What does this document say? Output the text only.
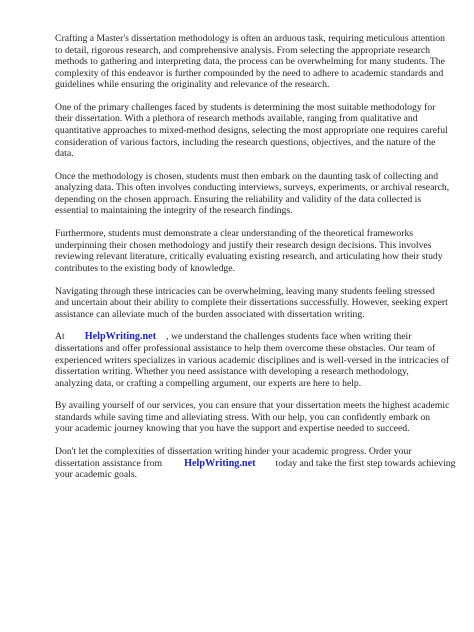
Crafting a Master's dissertation methodology is often an arduous task, requiring meticulous attention
to detail, rigorous research, and comprehensive analysis. From selecting the appropriate research
methods to gathering and interpreting data, the process can be overwhelming for many students. The
complexity of this endeavor is further compounded by the need to adhere to academic standards and
guidelines while ensuring the originality and relevance of the research.

One of the primary challenges faced by students is determining the most suitable methodology for
their dissertation. With a plethora of research methods available, ranging from qualitative and
quantitative approaches to mixed-method designs, selecting the most appropriate one requires careful
consideration of various factors, including the research questions, objectives, and the nature of the
data.

Once the methodology is chosen, students must then embark on the daunting task of collecting and
analyzing data. This often involves conducting interviews, surveys, experiments, or archival research,
depending on the chosen approach. Ensuring the reliability and validity of the data collected is
essential to maintaining the integrity of the research findings.

Furthermore, students must demonstrate a clear understanding of the theoretical frameworks
underpinning their chosen methodology and justify their research design decisions. This involves
reviewing relevant literature, critically evaluating existing research, and articulating how their study
contributes to the existing body of knowledge.

Navigating through these intricacies can be overwhelming, leaving many students feeling stressed
and uncertain about their ability to complete their dissertations successfully. However, seeking expert
assistance can alleviate much of the burden associated with dissertation writing.

At HelpWriting.net , we understand the challenges students face when writing their
dissertations and offer professional assistance to help them overcome these obstacles. Our team of
experienced writers specializes in various academic disciplines and is well-versed in the intricacies of
dissertation writing. Whether you need assistance with developing a research methodology,
analyzing data, or crafting a compelling argument, our experts are here to help.

By availing yourself of our services, you can ensure that your dissertation meets the highest academic
standards while saving time and alleviating stress. With our help, you can confidently embark on
your academic journey knowing that you have the support and expertise needed to succeed.

Don't let the complexities of dissertation writing hinder your academic progress. Order your
dissertation assistance from HelpWriting.net today and take the first step towards achieving
your academic goals.
